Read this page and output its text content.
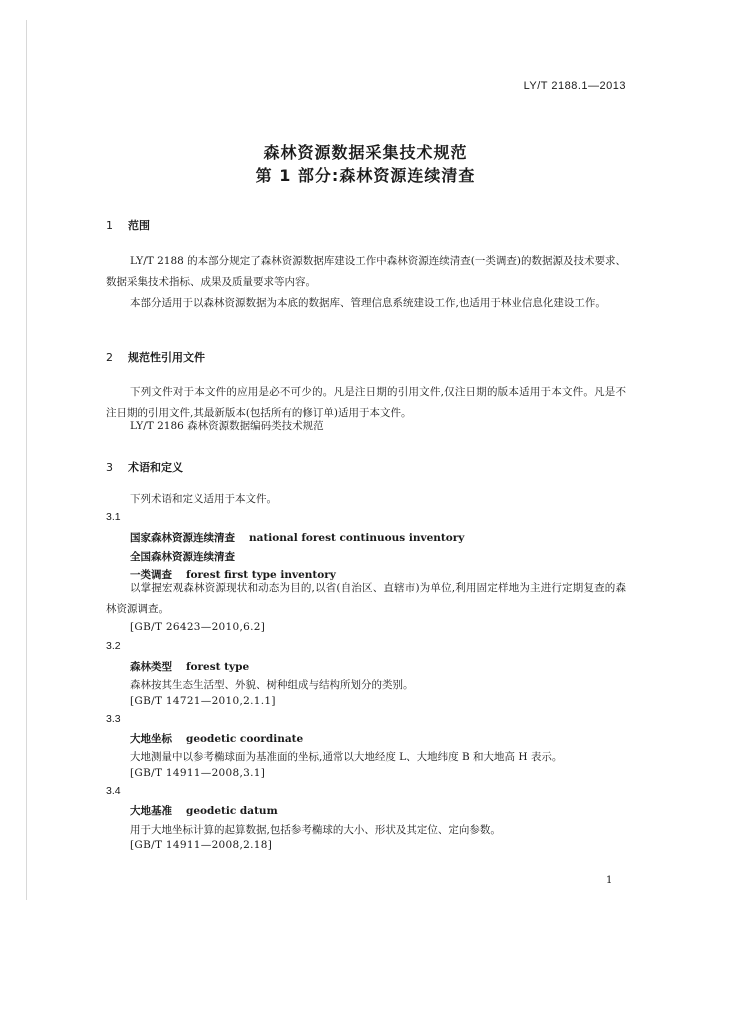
LY/T 2188.1—2013
森林资源数据采集技术规范
第 1 部分:森林资源连续清查
1 范围
LY/T 2188 的本部分规定了森林资源数据库建设工作中森林资源连续清查(一类调查)的数据源及技术要求、数据采集技术指标、成果及质量要求等内容。
本部分适用于以森林资源数据为本底的数据库、管理信息系统建设工作,也适用于林业信息化建设工作。
2 规范性引用文件
下列文件对于本文件的应用是必不可少的。凡是注日期的引用文件,仅注日期的版本适用于本文件。凡是不注日期的引用文件,其最新版本(包括所有的修订单)适用于本文件。
LY/T 2186 森林资源数据编码类技术规范
3 术语和定义
下列术语和定义适用于本文件。
3.1
国家森林资源连续清查 national forest continuous inventory
全国森林资源连续清查
一类调查 forest first type inventory
以掌握宏观森林资源现状和动态为目的,以省(自治区、直辖市)为单位,利用固定样地为主进行定期复查的森林资源调查。
[GB/T 26423—2010,6.2]
3.2
森林类型 forest type
森林按其生态生活型、外貌、树种组成与结构所划分的类别。
[GB/T 14721—2010,2.1.1]
3.3
大地坐标 geodetic coordinate
大地测量中以参考椭球面为基准面的坐标,通常以大地经度 L、大地纬度 B 和大地高 H 表示。
[GB/T 14911—2008,3.1]
3.4
大地基准 geodetic datum
用于大地坐标计算的起算数据,包括参考椭球的大小、形状及其定位、定向参数。
[GB/T 14911—2008,2.18]
1
